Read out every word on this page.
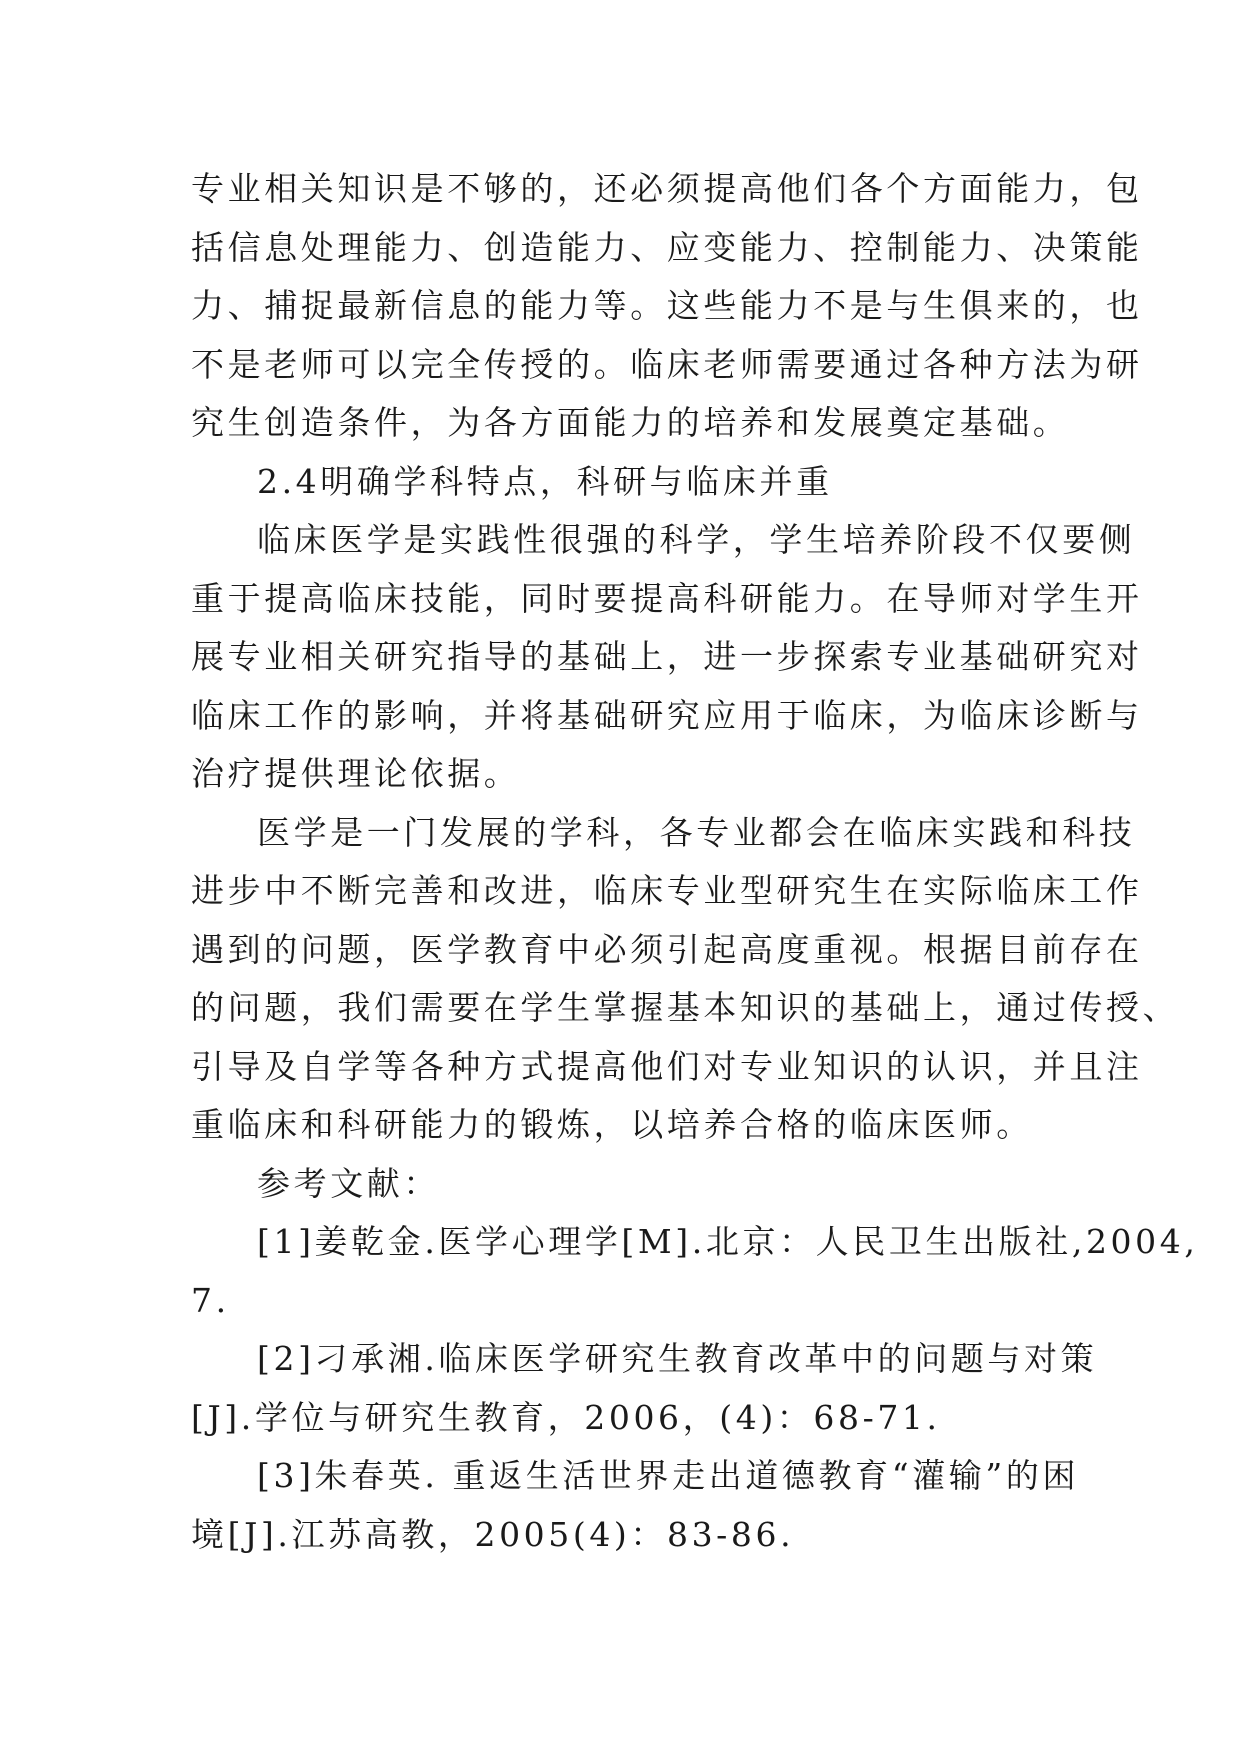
专业相关知识是不够的，还必须提高他们各个方面能力，包
括信息处理能力、创造能力、应变能力、控制能力、决策能
力、捕捉最新信息的能力等。这些能力不是与生俱来的，也
不是老师可以完全传授的。临床老师需要通过各种方法为研
究生创造条件，为各方面能力的培养和发展奠定基础。
2.4明确学科特点，科研与临床并重
临床医学是实践性很强的科学，学生培养阶段不仅要侧
重于提高临床技能，同时要提高科研能力。在导师对学生开
展专业相关研究指导的基础上，进一步探索专业基础研究对
临床工作的影响，并将基础研究应用于临床，为临床诊断与
治疗提供理论依据。
医学是一门发展的学科，各专业都会在临床实践和科技
进步中不断完善和改进，临床专业型研究生在实际临床工作
遇到的问题，医学教育中必须引起高度重视。根据目前存在
的问题，我们需要在学生掌握基本知识的基础上，通过传授、
引导及自学等各种方式提高他们对专业知识的认识，并且注
重临床和科研能力的锻炼，以培养合格的临床医师。
参考文献：
[1]姜乾金.医学心理学[M].北京：人民卫生出版社,2004,
7.
[2]刁承湘.临床医学研究生教育改革中的问题与对策
[J].学位与研究生教育，2006，(4)：68-71.
[3]朱春英. 重返生活世界走出道德教育“灌输”的困
境[J].江苏高教，2005(4)：83-86.
